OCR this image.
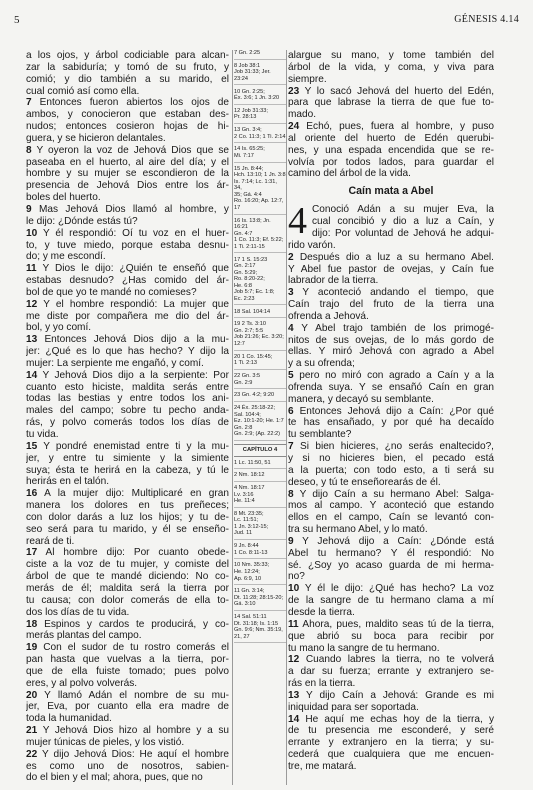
5	GÉNESIS 4.14
a los ojos, y árbol codiciable para alcan-
zar la sabiduría; y tomó de su fruto, y
comió; y dio también a su marido, el
cual comió así como ella.
7 Entonces fueron abiertos los ojos de
ambos, y conocieron que estaban des-
nudos; entonces cosieron hojas de hi-
guera, y se hicieron delantales.
8 Y oyeron la voz de Jehová Dios que se
paseaba en el huerto, al aire del día; y el
hombre y su mujer se escondieron de la
presencia de Jehová Dios entre los ár-
boles del huerto.
9 Mas Jehová Dios llamó al hombre, y
le dijo: ¿Dónde estás tú?
10 Y él respondió: Oí tu voz en el huer-
to, y tuve miedo, porque estaba desnu-
do; y me escondí.
11 Y Dios le dijo: ¿Quién te enseñó que
estabas desnudo? ¿Has comido del ár-
bol de que yo te mandé no comieses?
12 Y el hombre respondió: La mujer que
me diste por compañera me dio del ár-
bol, y yo comí.
13 Entonces Jehová Dios dijo a la mu-
jer: ¿Qué es lo que has hecho? Y dijo la
mujer: La serpiente me engañó, y comí.
14 Y Jehová Dios dijo a la serpiente: Por
cuanto esto hiciste, maldita serás entre
todas las bestias y entre todos los ani-
males del campo; sobre tu pecho anda-
rás, y polvo comerás todos los días de
tu vida.
15 Y pondré enemistad entre ti y la mu-
jer, y entre tu simiente y la simiente
suya; ésta te herirá en la cabeza, y tú le
herirás en el talón.
16 A la mujer dijo: Multiplicaré en gran
manera los dolores en tus preñeces;
con dolor darás a luz los hijos; y tu de-
seo será para tu marido, y él se enseño-
reará de ti.
17 Al hombre dijo: Por cuanto obede-
ciste a la voz de tu mujer, y comiste del
árbol de que te mandé diciendo: No co-
merás de él; maldita será la tierra por
tu causa; con dolor comerás de ella to-
dos los días de tu vida.
18 Espinos y cardos te producirá, y co-
merás plantas del campo.
19 Con el sudor de tu rostro comerás el
pan hasta que vuelvas a la tierra, por-
que de ella fuiste tomado; pues polvo
eres, y al polvo volverás.
20 Y llamó Adán el nombre de su mu-
jer, Eva, por cuanto ella era madre de
toda la humanidad.
21 Y Jehová Dios hizo al hombre y a su
mujer túnicas de pieles, y los vistió.
22 Y dijo Jehová Dios: He aquí el hombre
es como uno de nosotros, sabien-
do el bien y el mal; ahora, pues, que no
7 Gn. 2:25
8 Job 38:1
Job 31:33; Jer. 23:24
10 Gn. 2:25;
Éx. 3:6; 1 Jn. 3:20
12 Job 31:33;
Pr. 28:13
13 Gn. 3:4;
2 Co. 11:3; 1 Ti. 2:14
14 Is. 65:25;
Mi. 7:17
15 Jn. 8:44;
Hch. 13:10; 1 Jn. 3:8
Is. 7:14; Lc. 1:31, 34,
35; Gá. 4:4
Ro. 16:20; Ap. 12:7,
17
16 Is. 13:8; Jn. 16:21
Gn. 4:7
1 Co. 11:3; Ef. 5:22;
1 Ti. 2:11-15
17 1 S. 15:23
Gn. 2:17
Gn. 5:29;
Ro. 8:20-22;
He. 6:8
Job 5:7; Ec. 1:8;
Ec. 2:23
18 Sal. 104:14
19 2 Ts. 3:10
Gn. 2:7; 5:5
Job 21:26; Ec. 3:20;
12:7
20 1 Co. 15:45;
1 Ti. 2:13
22 Gn. 3:5
Gn. 2:9
23 Gn. 4:2; 9:20
24 Éx. 25:18-22;
Sal. 104:4;
Ez. 10:1-20; He. 1:7
Gn. 2:8
Gn. 2:9; (Ap. 22:2)
CAPÍTULO 4
1 Lc. 11:50, 51
2 Nm. 18:12
4 Nm. 18:17
Lv. 3:16
He. 11:4
8 Mt. 23:35;
Lc. 11:51;
1 Jn. 3:12-15;
Jud. 11
9 Jn. 8:44
1 Co. 8:11-13
10 Nm. 35:33;
He. 12:24;
Ap. 6:9, 10
11 Gn. 3:14;
Dt. 11:28; 28:15-20;
Gá. 3:10
14 Sal. 51:11
Dt. 31:18; Is. 1:15
Gn. 9:6; Nm. 35:19,
21, 27
alargue su mano, y tome también del
árbol de la vida, y coma, y viva para
siempre.
23 Y lo sacó Jehová del huerto del Edén,
para que labrase la tierra de que fue to-
mado.
24 Echó, pues, fuera al hombre, y puso
al oriente del huerto de Edén querubi-
nes, y una espada encendida que se re-
volvía por todos lados, para guardar el
camino del árbol de la vida.
Caín mata a Abel
4 Conoció Adán a su mujer Eva, la
cual concibió y dio a luz a Caín, y
dijo: Por voluntad de Jehová he adqui-
rido varón.
2 Después dio a luz a su hermano Abel.
Y Abel fue pastor de ovejas, y Caín fue
labrador de la tierra.
3 Y aconteció andando el tiempo, que
Caín trajo del fruto de la tierra una
ofrenda a Jehová.
4 Y Abel trajo también de los primogé-
nitos de sus ovejas, de lo más gordo de
ellas. Y miró Jehová con agrado a Abel
y a su ofrenda;
5 pero no miró con agrado a Caín y a la
ofrenda suya. Y se ensañó Caín en gran
manera, y decayó su semblante.
6 Entonces Jehová dijo a Caín: ¿Por qué
te has ensañado, y por qué ha decaído
tu semblante?
7 Si bien hicieres, ¿no serás enaltecido?,
y si no hicieres bien, el pecado está
a la puerta; con todo esto, a ti será su
deseo, y tú te enseñorearás de él.
8 Y dijo Caín a su hermano Abel: Salga-
mos al campo. Y aconteció que estando
ellos en el campo, Caín se levantó con-
tra su hermano Abel, y lo mató.
9 Y Jehová dijo a Caín: ¿Dónde está
Abel tu hermano? Y él respondió: No
sé. ¿Soy yo acaso guarda de mi herma-
no?
10 Y él le dijo: ¿Qué has hecho? La voz
de la sangre de tu hermano clama a mí
desde la tierra.
11 Ahora, pues, maldito seas tú de la tierra,
que abrió su boca para recibir por
tu mano la sangre de tu hermano.
12 Cuando labres la tierra, no te volverá
a dar su fuerza; errante y extranjero se-
rás en la tierra.
13 Y dijo Caín a Jehová: Grande es mi
iniquidad para ser soportada.
14 He aquí me echas hoy de la tierra, y
de tu presencia me esconderé, y seré
errante y extranjero en la tierra; y su-
cederá que cualquiera que me encuen-
tre, me matará.
